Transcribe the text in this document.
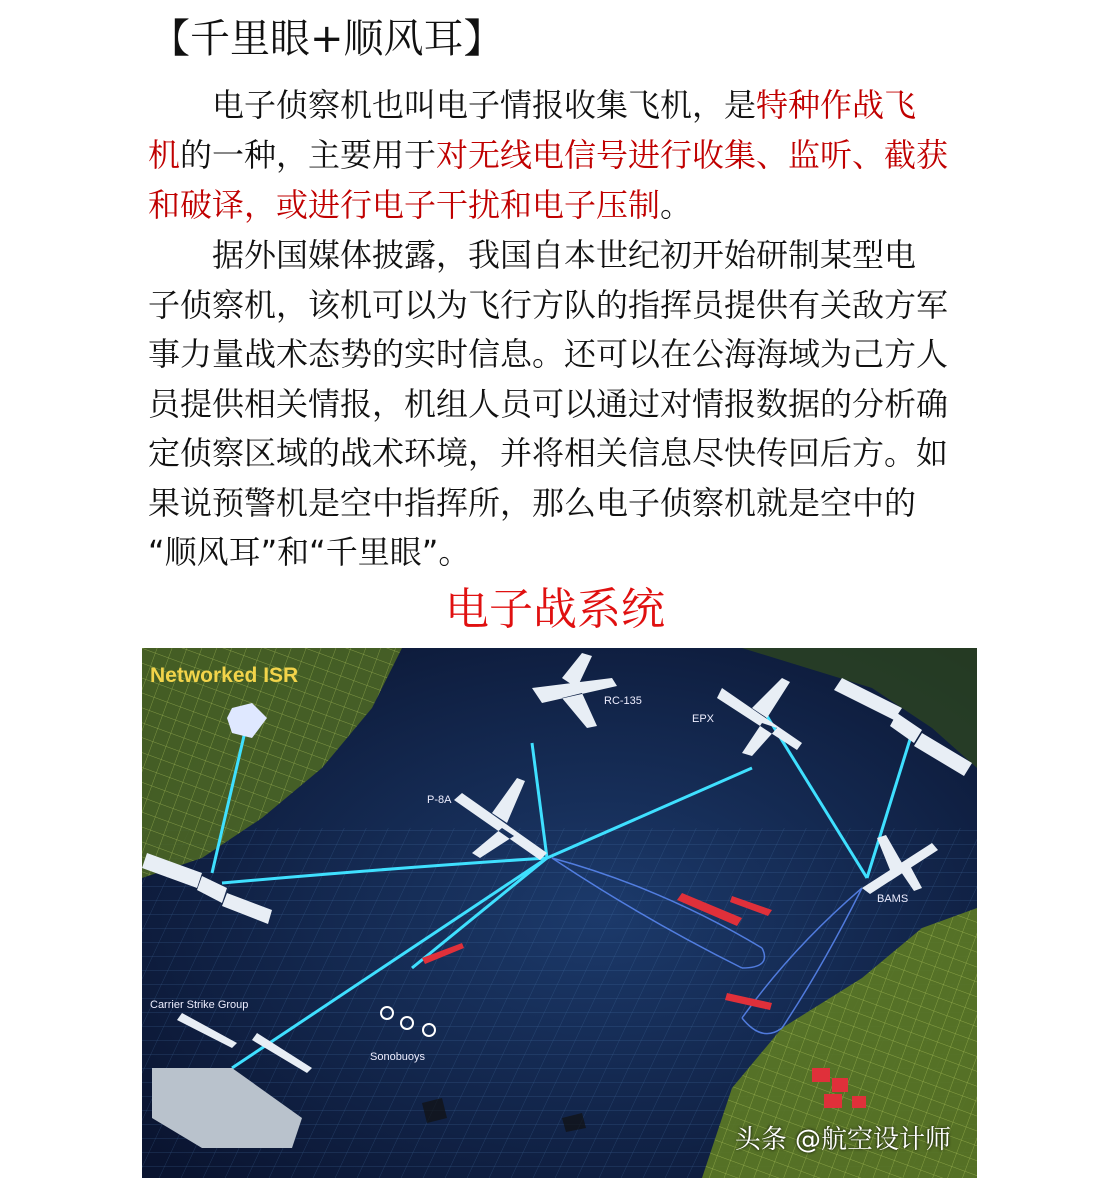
【千里眼+顺风耳】
　　电子侦察机也叫电子情报收集飞机，是特种作战飞
机的一种，主要用于对无线电信号进行收集、监听、截获
和破译，或进行电子干扰和电子压制。
　　据外国媒体披露，我国自本世纪初开始研制某型电
子侦察机，该机可以为飞行方队的指挥员提供有关敌方军
事力量战术态势的实时信息。还可以在公海海域为己方人
员提供相关情报，机组人员可以通过对情报数据的分析确
定侦察区域的战术环境，并将相关信息尽快传回后方。如
果说预警机是空中指挥所，那么电子侦察机就是空中的
“顺风耳”和“千里眼”。
电子战系统
Networked ISR
RC-135
EPX
P-8A
BAMS
Carrier Strike Group
Sonobuoys
头条 @航空设计师
